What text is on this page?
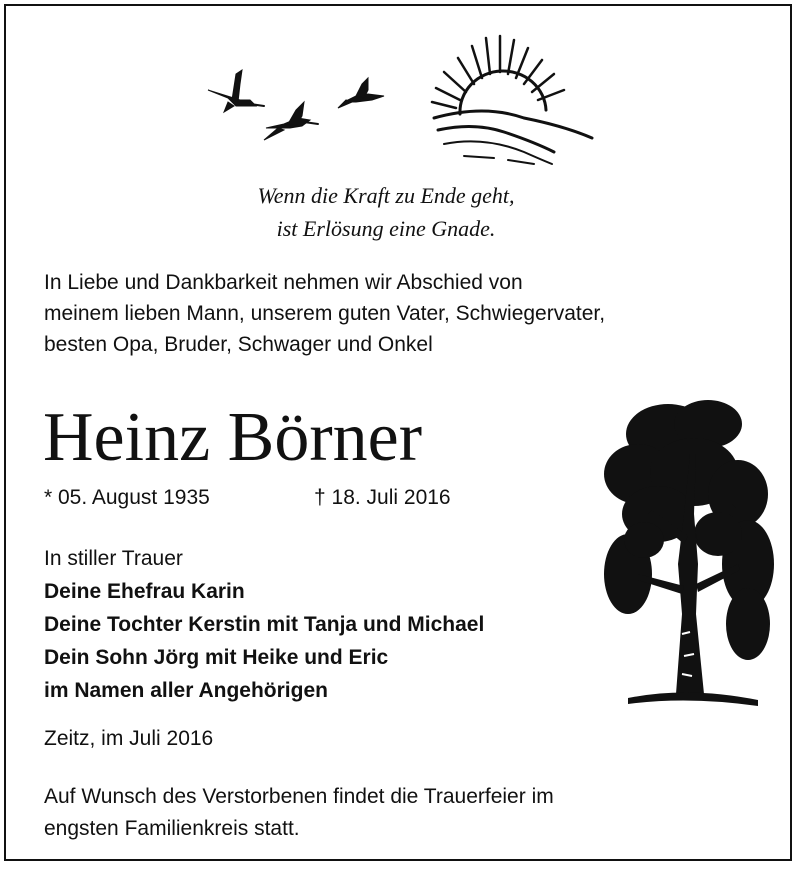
Wenn die Kraft zu Ende geht,
ist Erlösung eine Gnade.
In Liebe und Dankbarkeit nehmen wir Abschied von
meinem lieben Mann, unserem guten Vater, Schwiegervater,
besten Opa, Bruder, Schwager und Onkel
Heinz Börner
* 05. August 1935	† 18. Juli 2016
In stiller Trauer
Deine Ehefrau Karin
Deine Tochter Kerstin mit Tanja und Michael
Dein Sohn Jörg mit Heike und Eric
im Namen aller Angehörigen
Zeitz, im Juli 2016
Auf Wunsch des Verstorbenen findet die Trauerfeier im
engsten Familienkreis statt.
